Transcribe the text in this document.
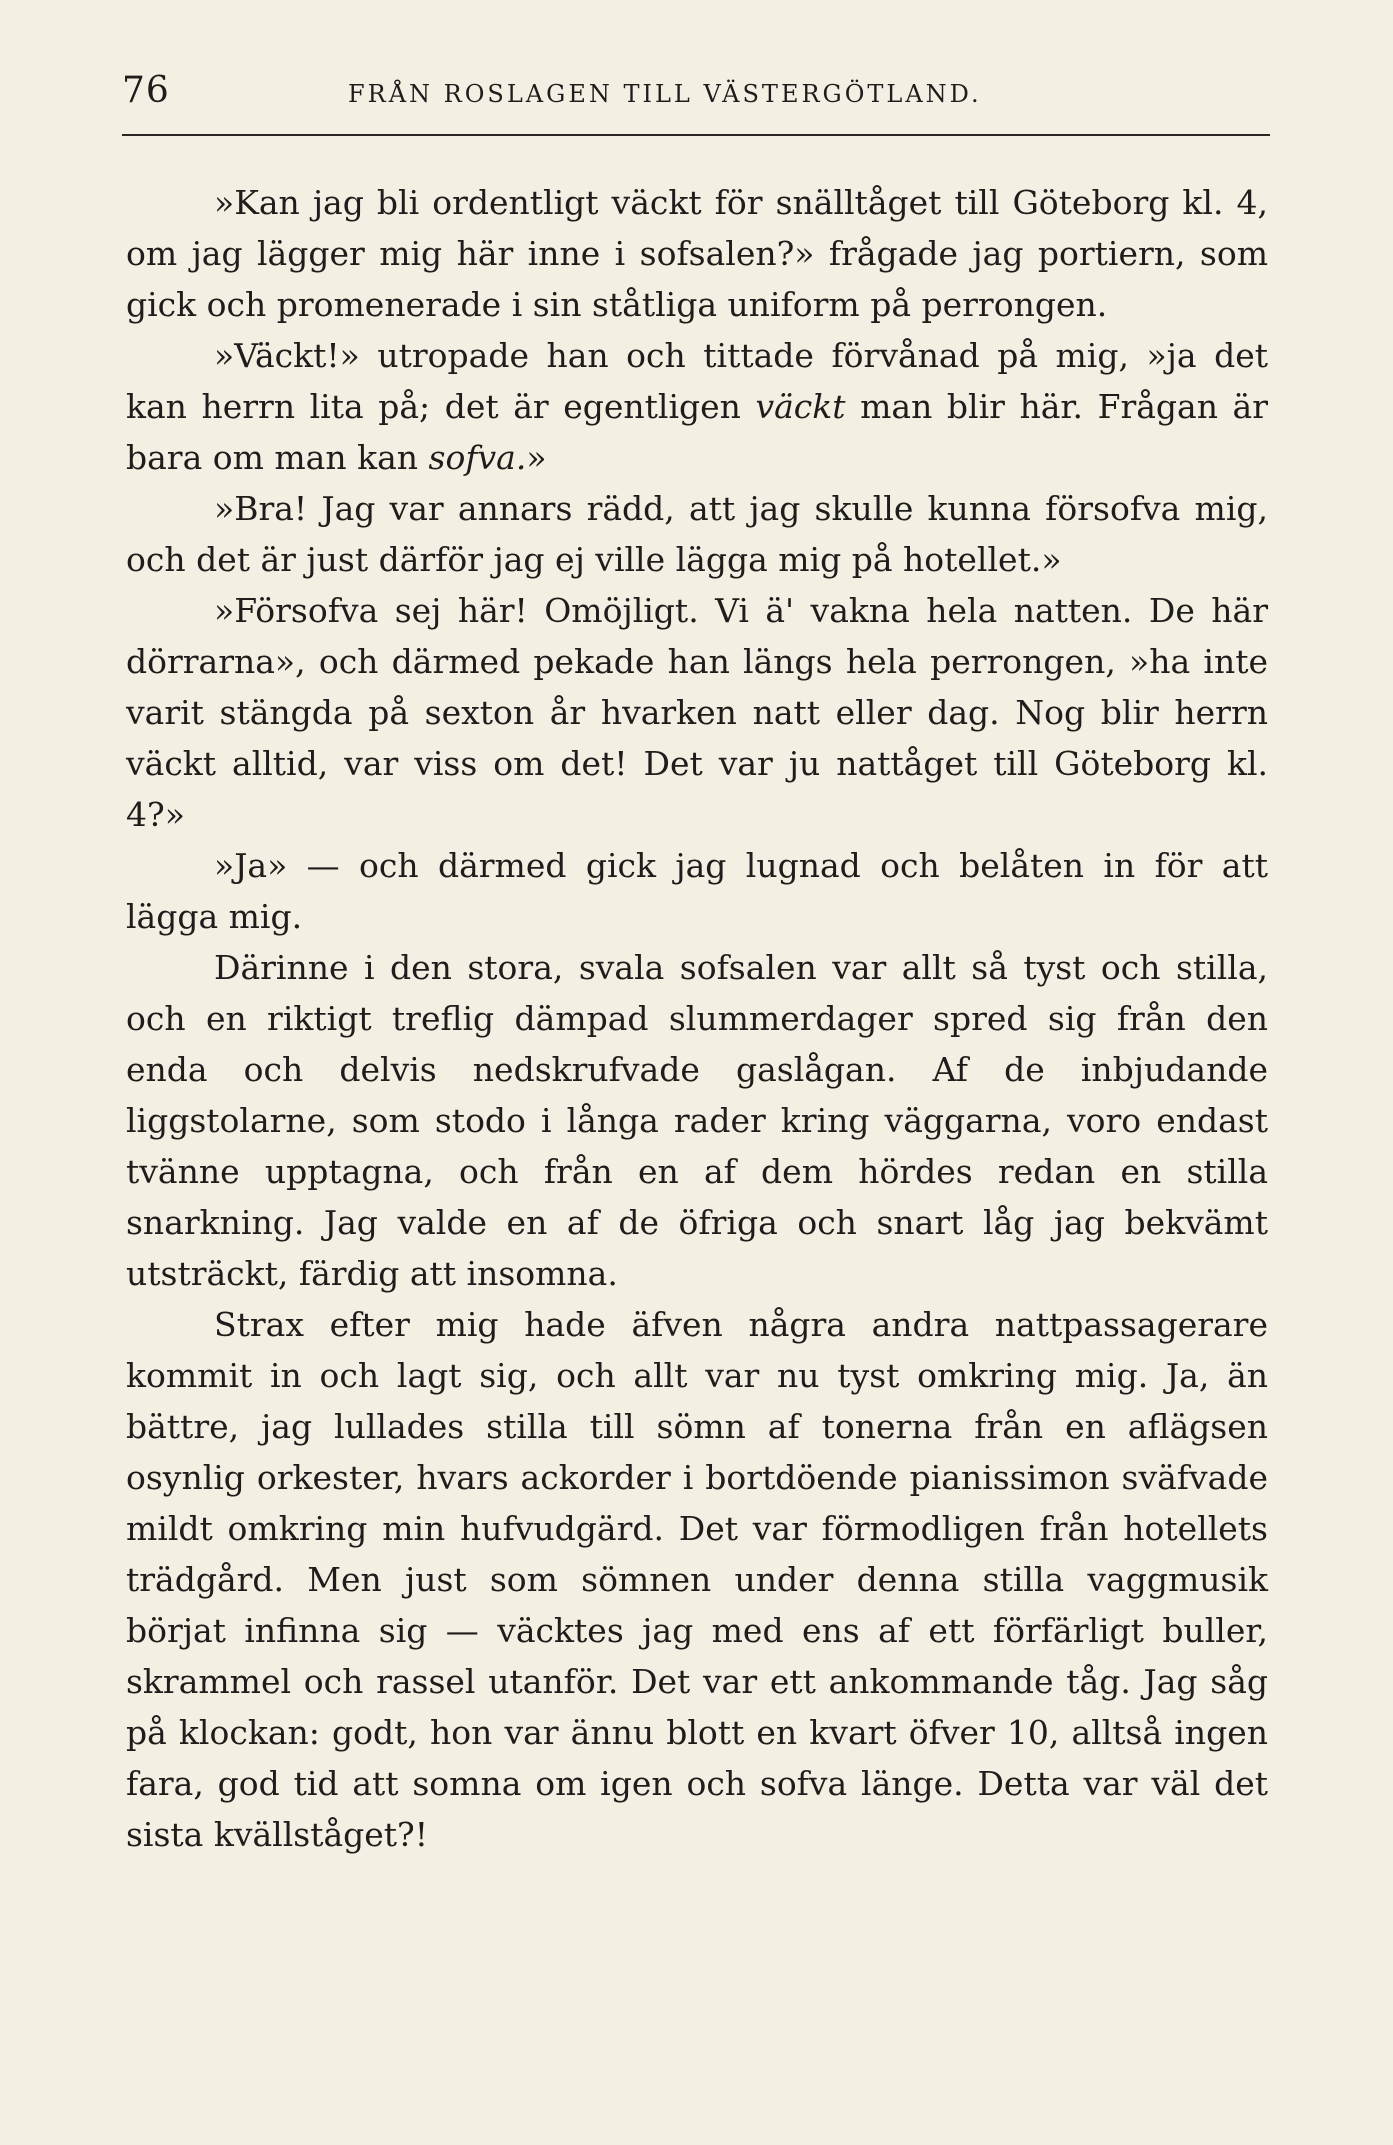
76	FRÅN ROSLAGEN TILL VÄSTERGÖTLAND.

»Kan jag bli ordentligt väckt för snälltåget till Göteborg kl. 4, om jag lägger mig här inne i sofsalen?» frågade jag portiern, som gick och promenerade i sin ståtliga uniform på perrongen.

»Väckt!» utropade han och tittade förvånad på mig, »ja det kan herrn lita på; det är egentligen väckt man blir här. Frågan är bara om man kan sofva.»

»Bra! Jag var annars rädd, att jag skulle kunna försofva mig, och det är just därför jag ej ville lägga mig på hotellet.»

»Försofva sej här! Omöjligt. Vi ä' vakna hela natten. De här dörrarna», och därmed pekade han längs hela perrongen, »ha inte varit stängda på sexton år hvarken natt eller dag. Nog blir herrn väckt alltid, var viss om det! Det var ju nattåget till Göteborg kl. 4?»

»Ja» — och därmed gick jag lugnad och belåten in för att lägga mig.

Därinne i den stora, svala sofsalen var allt så tyst och stilla, och en riktigt treflig dämpad slummerdager spred sig från den enda och delvis nedskrufvade gaslågan. Af de inbjudande liggstolarne, som stodo i långa rader kring väggarna, voro endast tvänne upptagna, och från en af dem hördes redan en stilla snarkning. Jag valde en af de öfriga och snart låg jag bekvämt utsträckt, färdig att insomna.

Strax efter mig hade äfven några andra nattpassagerare kommit in och lagt sig, och allt var nu tyst omkring mig. Ja, än bättre, jag lullades stilla till sömn af tonerna från en aflägsen osynlig orkester, hvars ackorder i bortdöende pianissimon sväfvade mildt omkring min hufvudgärd. Det var förmodligen från hotellets trädgård. Men just som sömnen under denna stilla vaggmusik börjat infinna sig — väcktes jag med ens af ett förfärligt buller, skrammel och rassel utanför. Det var ett ankommande tåg. Jag såg på klockan: godt, hon var ännu blott en kvart öfver 10, alltså ingen fara, god tid att somna om igen och sofva länge. Detta var väl det sista kvällståget?!
